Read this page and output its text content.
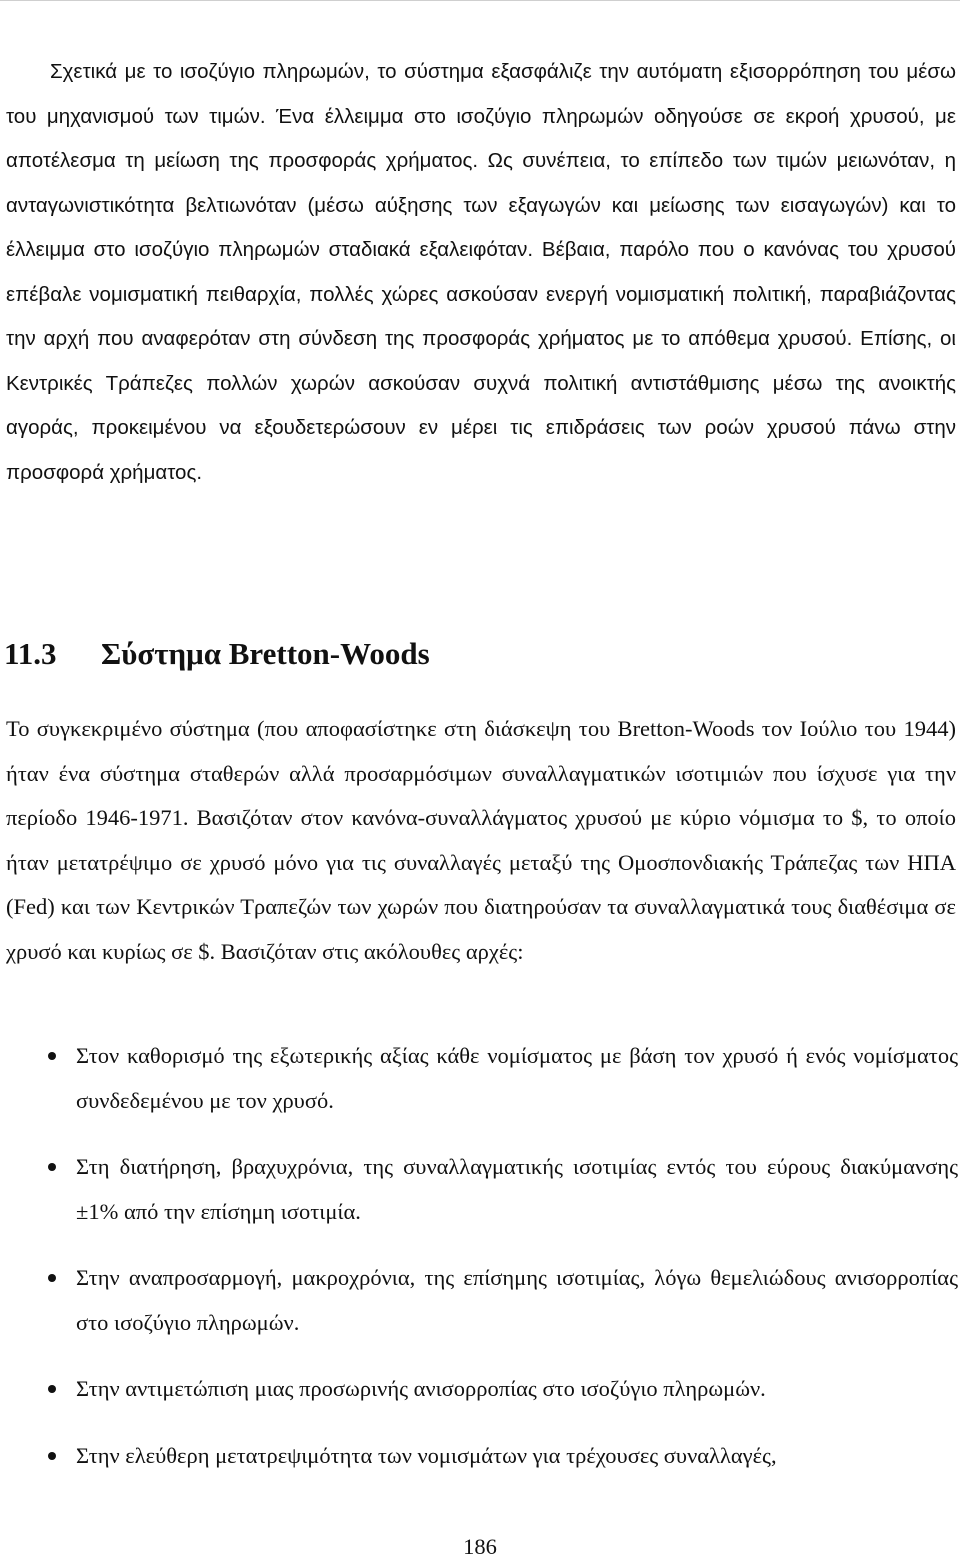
Σχετικά με το ισοζύγιο πληρωμών, το σύστημα εξασφάλιζε την αυτόματη εξισορρόπηση του μέσω του μηχανισμού των τιμών. Ένα έλλειμμα στο ισοζύγιο πληρωμών οδηγούσε σε εκροή χρυσού, με αποτέλεσμα τη μείωση της προσφοράς χρήματος. Ως συνέπεια, το επίπεδο των τιμών μειωνόταν, η ανταγωνιστικότητα βελτιωνόταν (μέσω αύξησης των εξαγωγών και μείωσης των εισαγωγών) και το έλλειμμα στο ισοζύγιο πληρωμών σταδιακά εξαλειφόταν. Βέβαια, παρόλο που ο κανόνας του χρυσού επέβαλε νομισματική πειθαρχία, πολλές χώρες ασκούσαν ενεργή νομισματική πολιτική, παραβιάζοντας την αρχή που αναφερόταν στη σύνδεση της προσφοράς χρήματος με το απόθεμα χρυσού. Επίσης, οι Κεντρικές Τράπεζες πολλών χωρών ασκούσαν συχνά πολιτική αντιστάθμισης μέσω της ανοικτής αγοράς, προκειμένου να εξουδετερώσουν εν μέρει τις επιδράσεις των ροών χρυσού πάνω στην προσφορά χρήματος.

11.3 Σύστημα Bretton-Woods

Το συγκεκριμένο σύστημα (που αποφασίστηκε στη διάσκεψη του Bretton-Woods τον Ιούλιο του 1944) ήταν ένα σύστημα σταθερών αλλά προσαρμόσιμων συναλλαγματικών ισοτιμιών που ίσχυσε για την περίοδο 1946-1971. Βασιζόταν στον κανόνα-συναλλάγματος χρυσού με κύριο νόμισμα το $, το οποίο ήταν μετατρέψιμο σε χρυσό μόνο για τις συναλλαγές μεταξύ της Ομοσπονδιακής Τράπεζας των ΗΠΑ (Fed) και των Κεντρικών Τραπεζών των χωρών που διατηρούσαν τα συναλλαγματικά τους διαθέσιμα σε χρυσό και κυρίως σε $. Βασιζόταν στις ακόλουθες αρχές:

Στον καθορισμό της εξωτερικής αξίας κάθε νομίσματος με βάση τον χρυσό ή ενός νομίσματος συνδεδεμένου με τον χρυσό.
Στη διατήρηση, βραχυχρόνια, της συναλλαγματικής ισοτιμίας εντός του εύρους διακύμανσης ±1% από την επίσημη ισοτιμία.
Στην αναπροσαρμογή, μακροχρόνια, της επίσημης ισοτιμίας, λόγω θεμελιώδους ανισορροπίας στο ισοζύγιο πληρωμών.
Στην αντιμετώπιση μιας προσωρινής ανισορροπίας στο ισοζύγιο πληρωμών.
Στην ελεύθερη μετατρεψιμότητα των νομισμάτων για τρέχουσες συναλλαγές,
186
